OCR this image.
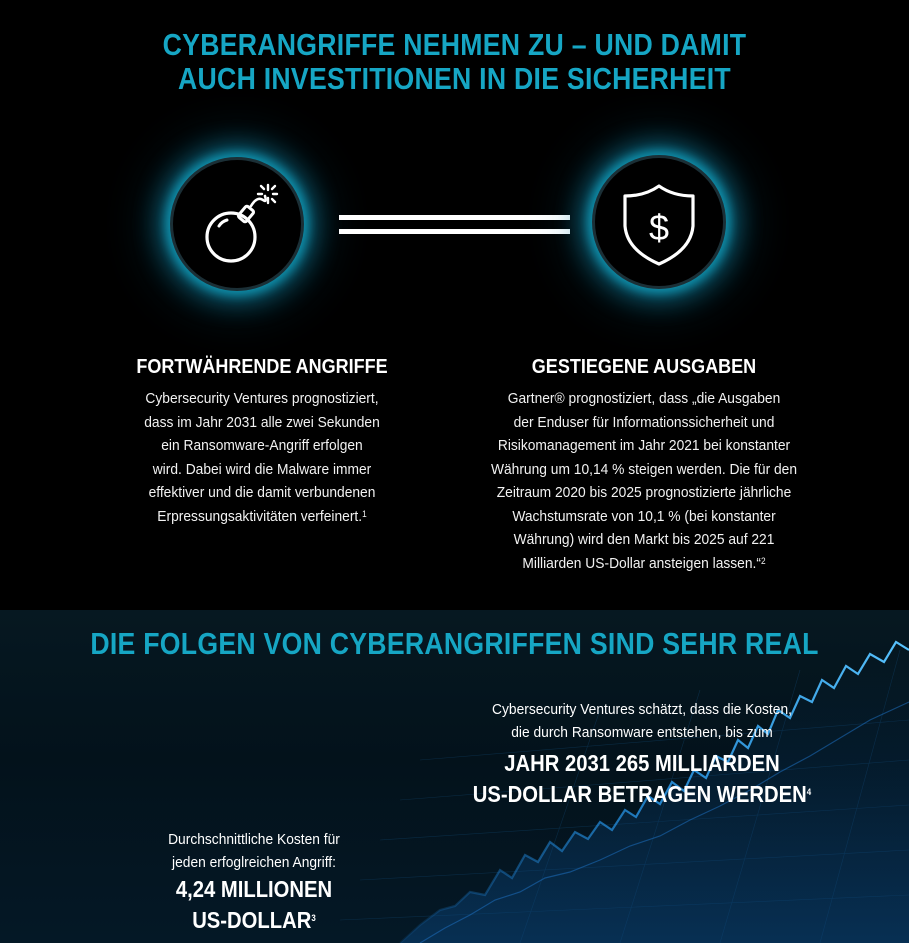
CYBERANGRIFFE NEHMEN ZU – UND DAMIT
AUCH INVESTITIONEN IN DIE SICHERHEIT
$
FORTWÄHRENDE ANGRIFFE
Cybersecurity Ventures prognostiziert,
dass im Jahr 2031 alle zwei Sekunden
ein Ransomware-Angriff erfolgen
wird. Dabei wird die Malware immer
effektiver und die damit verbundenen
Erpressungsaktivitäten verfeinert.$^1$
GESTIEGENE AUSGABEN
Gartner® prognostiziert, dass „die Ausgaben
der Enduser für Informationssicherheit und
Risikomanagement im Jahr 2021 bei konstanter
Währung um 10,14 % steigen werden. Die für den
Zeitraum 2020 bis 2025 prognostizierte jährliche
Wachstumsrate von 10,1 % (bei konstanter
Währung) wird den Markt bis 2025 auf 221
Milliarden US-Dollar ansteigen lassen.“$^2$
DIE FOLGEN VON CYBERANGRIFFEN SIND SEHR REAL
Cybersecurity Ventures schätzt, dass die Kosten,
die durch Ransomware entstehen, bis zum
JAHR 2031 265 MILLIARDEN
US-DOLLAR BETRAGEN WERDEN$^4$
Durchschnittliche Kosten für
jeden erfoglreichen Angriff:
4,24 MILLIONEN
US-DOLLAR$^3$
